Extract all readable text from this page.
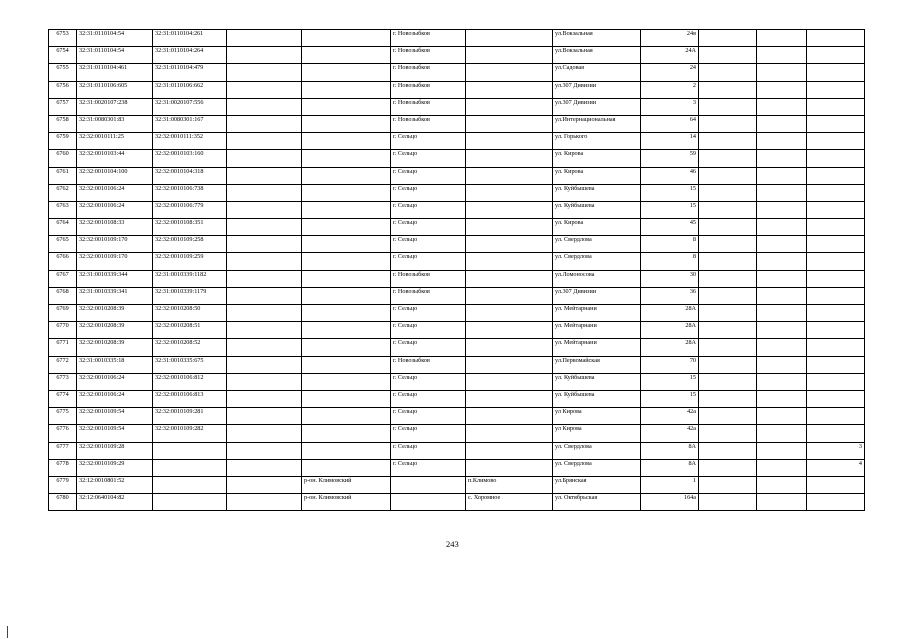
6753	32:31:0110104:54	32:31:0110104:261			г. Новозыбков		ул.Вокзальная	24в			
6754	32:31:0110104:54	32:31:0110104:264			г. Новозыбков		ул.Вокзальная	24А			
6755	32:31:0110104:461	32:31:0110104:479			г. Новозыбков		ул.Садовая	24			
6756	32:31:0110106:605	32:31:0110106:662			г. Новозыбков		ул.307 Дивизии	2			
6757	32:31:0020107:238	32:31:0020107:556			г. Новозыбков		ул.307 Дивизии	3			
6758	32:31:0080301:83	32:31:0080301:167			г. Новозыбков		ул.Интернациональная	64			
6759	32:32:0010111:25	32:32:0010111:352			г. Сельцо		ул. Горького	14			
6760	32:32:0010103:44	32:32:0010103:160			г. Сельцо		ул. Кирова	59			
6761	32:32:0010104:100	32:32:0010104:318			г. Сельцо		ул. Кирова	46			
6762	32:32:0010106:24	32:32:0010106:738			г. Сельцо		ул. Куйбышева	15			
6763	32:32:0010106:24	32:32:0010106:779			г. Сельцо		ул. Куйбышева	15			
6764	32:32:0010108:33	32:32:0010108:351			г. Сельцо		ул. Кирова	45			
6765	32:32:0010109:170	32:32:0010109:258			г. Сельцо		ул. Свердлова	8			
6766	32:32:0010109:170	32:32:0010109:259			г. Сельцо		ул. Свердлова	8			
6767	32:31:0010339:344	32:31:0010339:1182			г. Новозыбков		ул.Ломоносова	30			
6768	32:31:0010339:341	32:31:0010339:1179			г. Новозыбков		ул.307 Дивизии	36			
6769	32:32:0010208:39	32:32:0010208:50			г. Сельцо		ул. Мейтарнани	28А			
6770	32:32:0010208:39	32:32:0010208:51			г. Сельцо		ул. Мейтарнани	28А			
6771	32:32:0010208:39	32:32:0010208:52			г. Сельцо		ул. Мейтарнани	28А			
6772	32:31:0010335:18	32:31:0010335:675			г. Новозыбков		ул.Первомайская	70			
6773	32:32:0010106:24	32:32:0010106:812			г. Сельцо		ул. Куйбышева	15			
6774	32:32:0010106:24	32:32:0010106:813			г. Сельцо		ул. Куйбышева	15			
6775	32:32:0010109:54	32:32:0010109:281			г. Сельцо		ул Кирова	42а			
6776	32:32:0010109:54	32:32:0010109:282			г. Сельцо		ул Кирова	42а			
6777	32:32:0010109:28				г. Сельцо		ул. Свердлова	8А			3
6778	32:32:0010109:29				г. Сельцо		ул. Свердлова	8А			4
6779	32:12:0010801:52			р-он. Климовский		п.Климово	ул.Брянская	1			
6780	32:12:0640104:82			р-он. Климовский		с. Хоромное	ул. Октябрьская	164а			
243
